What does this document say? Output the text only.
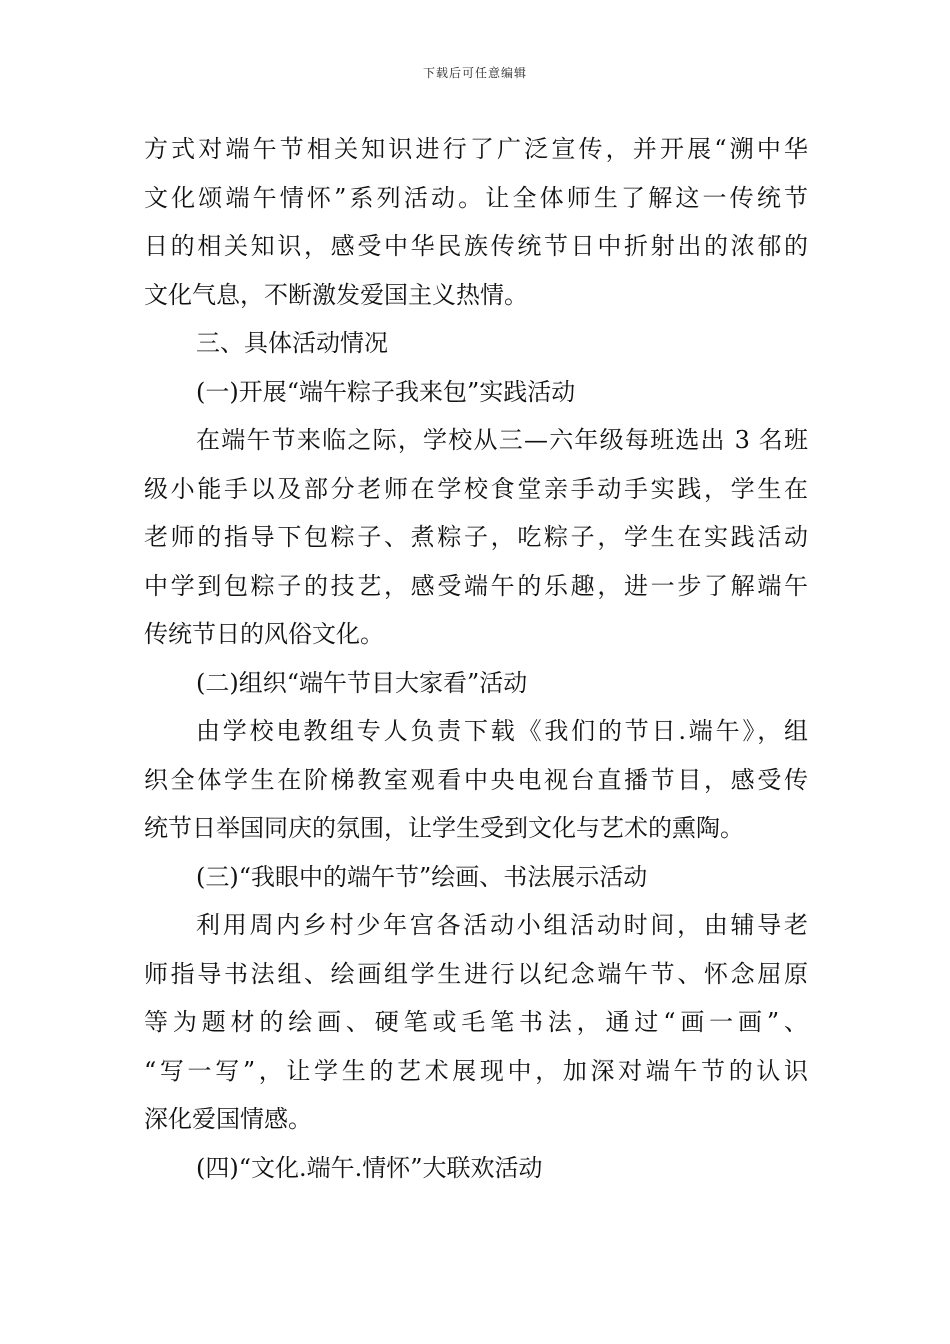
下载后可任意编辑
方式对端午节相关知识进行了广泛宣传，并开展“溯中华
文化颂端午情怀”系列活动。让全体师生了解这一传统节
日的相关知识，感受中华民族传统节日中折射出的浓郁的
文化气息，不断激发爱国主义热情。
三、具体活动情况
(一)开展“端午粽子我来包”实践活动
在端午节来临之际，学校从三—六年级每班选出 3 名班
级小能手以及部分老师在学校食堂亲手动手实践，学生在
老师的指导下包粽子、煮粽子，吃粽子，学生在实践活动
中学到包粽子的技艺，感受端午的乐趣，进一步了解端午
传统节日的风俗文化。
(二)组织“端午节目大家看”活动
由学校电教组专人负责下载《我们的节日.端午》，组
织全体学生在阶梯教室观看中央电视台直播节目，感受传
统节日举国同庆的氛围，让学生受到文化与艺术的熏陶。
(三)“我眼中的端午节”绘画、书法展示活动
利用周内乡村少年宫各活动小组活动时间，由辅导老
师指导书法组、绘画组学生进行以纪念端午节、怀念屈原
等为题材的绘画、硬笔或毛笔书法，通过“画一画”、
“写一写”，让学生的艺术展现中，加深对端午节的认识
深化爱国情感。
(四)“文化.端午.情怀”大联欢活动
